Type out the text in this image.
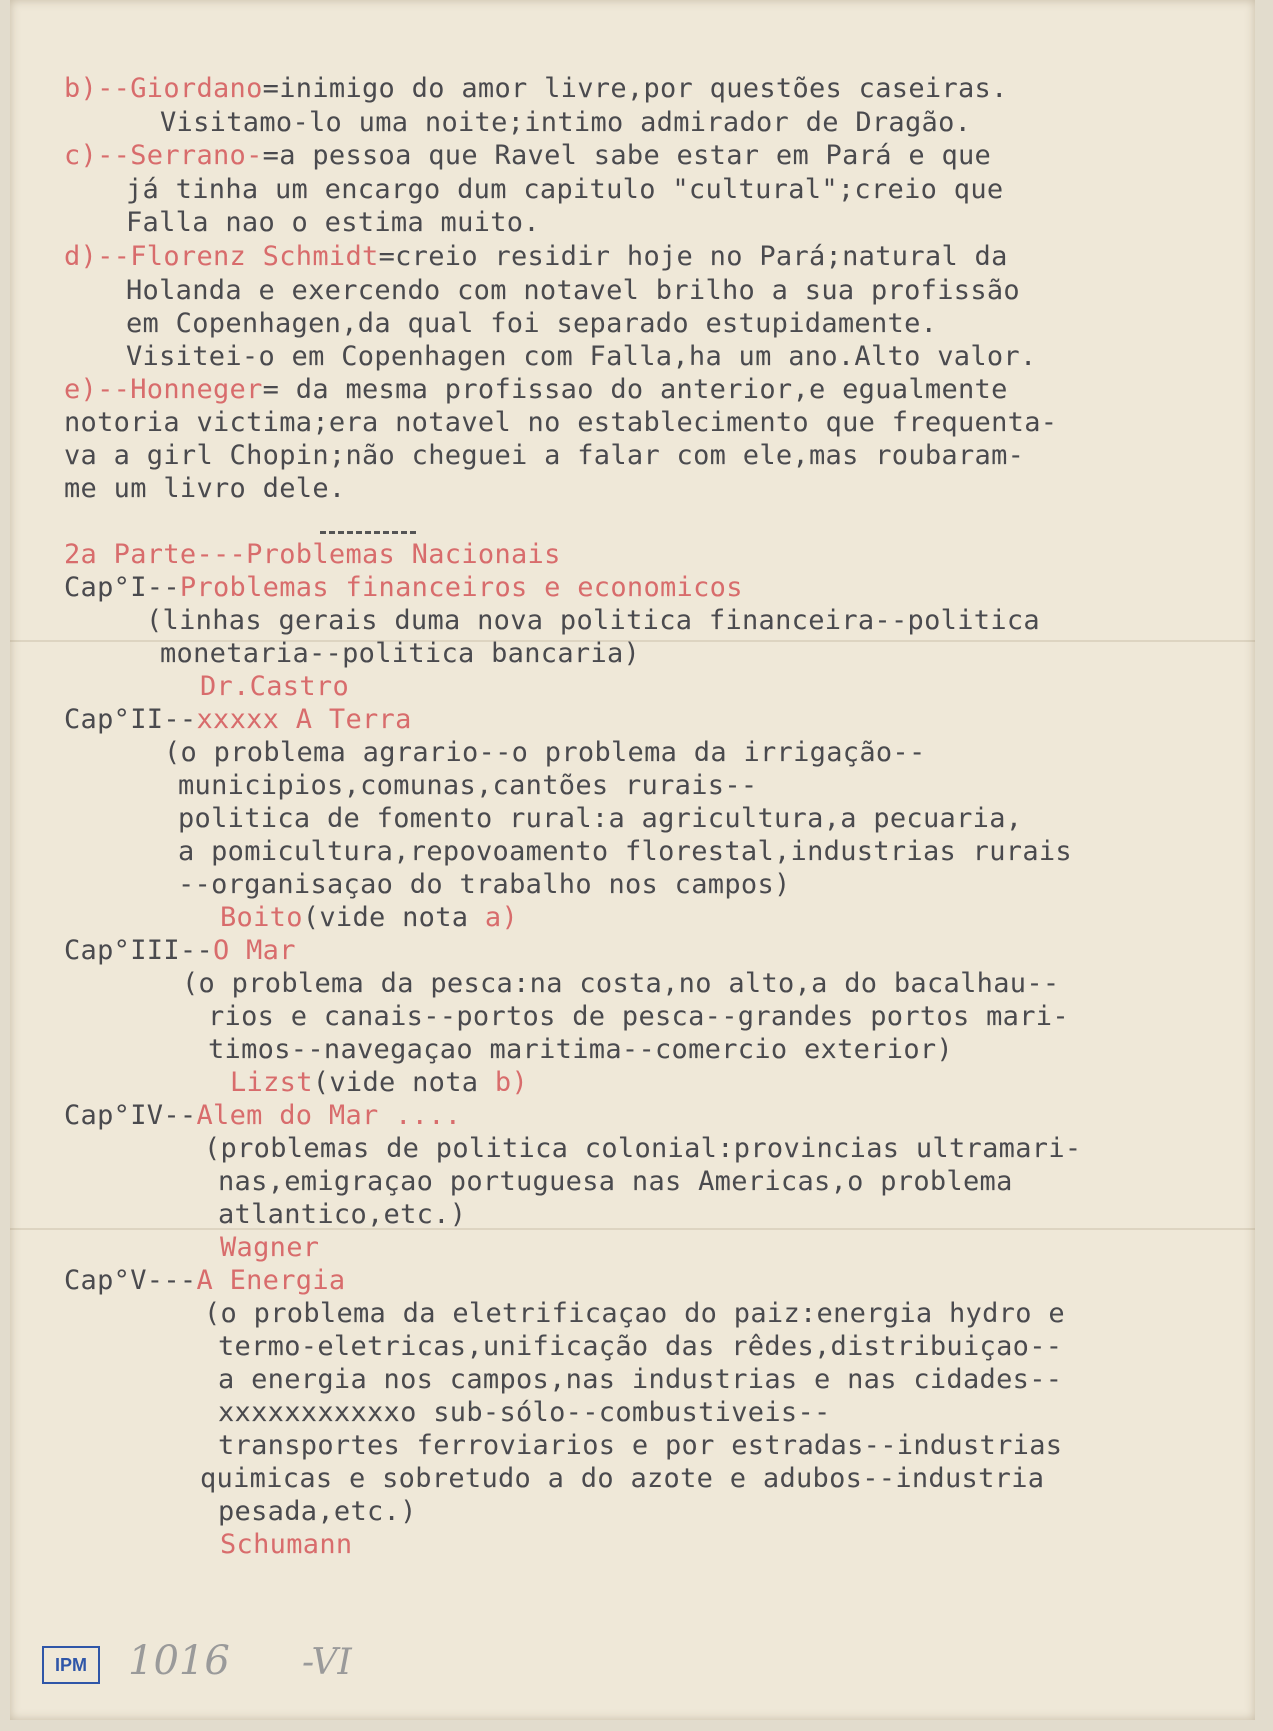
b)--Giordano=inimigo do amor livre,por questões caseiras.
Visitamo-lo uma noite;intimo admirador de Dragão.
c)--Serrano-=a pessoa que Ravel sabe estar em Pará e que
já tinha um encargo dum capitulo "cultural";creio que
Falla nao o estima muito.
d)--Florenz Schmidt=creio residir hoje no Pará;natural da
Holanda e exercendo com notavel brilho a sua profissão
em Copenhagen,da qual foi separado estupidamente.
Visitei-o em Copenhagen com Falla,ha um ano.Alto valor.
e)--Honneger= da mesma profissao do anterior,e egualmente
notoria victima;era notavel no establecimento que frequenta-
va a girl Chopin;não cheguei a falar com ele,mas roubaram-
me um livro dele.
2a Parte---Problemas Nacionais
Cap°I--Problemas financeiros e economicos
(linhas gerais duma nova politica financeira--politica
monetaria--politica bancaria)
Dr.Castro
Cap°II--xxxxx A Terra
(o problema agrario--o problema da irrigação--
municipios,comunas,cantões rurais--
politica de fomento rural:a agricultura,a pecuaria,
a pomicultura,repovoamento florestal,industrias rurais
--organisaçao do trabalho nos campos)
Boito(vide nota a)
Cap°III--O Mar
(o problema da pesca:na costa,no alto,a do bacalhau--
rios e canais--portos de pesca--grandes portos mari-
timos--navegaçao maritima--comercio exterior)
Lizst(vide nota b)
Cap°IV--Alem do Mar ....
(problemas de politica colonial:provincias ultramari-
nas,emigraçao portuguesa nas Americas,o problema
atlantico,etc.)
Wagner
Cap°V---A Energia
(o problema da eletrificaçao do paiz:energia hydro e
termo-eletricas,unificação das rêdes,distribuiçao--
a energia nos campos,nas industrias e nas cidades--
xxxxxxxxxxxo sub-sólo--combustiveis--
transportes ferroviarios e por estradas--industrias
quimicas e sobretudo a do azote e adubos--industria
pesada,etc.)
Schumann
IPM	1016 -VI
